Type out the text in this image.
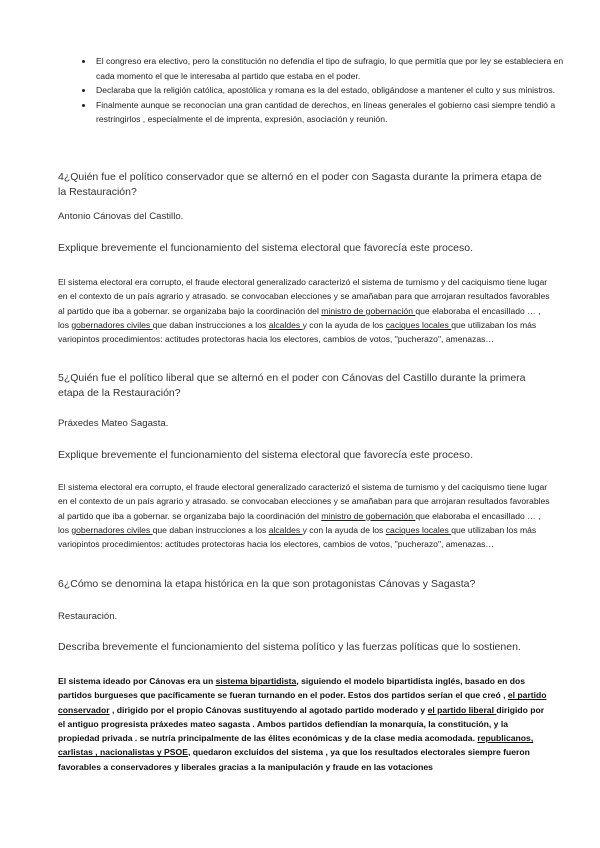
• El congreso era electivo, pero la constitución no defendía el tipo de sufragio, lo que permitía que por ley se estableciera en cada momento el que le interesaba al partido que estaba en el poder.
• Declaraba que la religión católica, apostólica y romana es la del estado, obligándose a mantener el culto y sus ministros.
• Finalmente aunque se reconocían una gran cantidad de derechos, en líneas generales el gobierno casi siempre tendió a restringirlos , especialmente el de imprenta, expresión, asociación y reunión.
4¿Quién fue el político conservador que se alternó en el poder con Sagasta durante la primera etapa de la Restauración?
Antonio Cánovas del Castillo.
Explique brevemente el funcionamiento del sistema electoral que favorecía este proceso.
El sistema electoral era corrupto, el fraude electoral generalizado caracterizó el sistema de turnismo y del caciquismo tiene lugar en el contexto de un país agrario y atrasado. se convocaban elecciones y se amañaban para que arrojaran resultados favorables al partido que iba a gobernar. se organizaba bajo la coordinación del ministro de gobernación que elaboraba el encasillado … , los gobernadores civiles que daban instrucciones a los alcaldes y con la ayuda de los caciques locales que utilizaban los más variopintos procedimientos: actitudes protectoras hacia los electores, cambios de votos, "pucherazo", amenazas…
5¿Quién fue el político liberal que se alternó en el poder con Cánovas del Castillo durante la primera etapa de la Restauración?
Práxedes Mateo Sagasta.
Explique brevemente el funcionamiento del sistema electoral que favorecía este proceso.
El sistema electoral era corrupto, el fraude electoral generalizado caracterizó el sistema de turnismo y del caciquismo tiene lugar en el contexto de un país agrario y atrasado. se convocaban elecciones y se amañaban para que arrojaran resultados favorables al partido que iba a gobernar. se organizaba bajo la coordinación del ministro de gobernación que elaboraba el encasillado … , los gobernadores civiles que daban instrucciones a los alcaldes y con la ayuda de los caciques locales que utilizaban los más variopintos procedimientos: actitudes protectoras hacia los electores, cambios de votos, "pucherazo", amenazas…
6¿Cómo se denomina la etapa histórica en la que son protagonistas Cánovas y Sagasta?
Restauración.
Describa brevemente el funcionamiento del sistema político y las fuerzas políticas que lo sostienen.
El sistema ideado por Cánovas era un sistema bipartidista, siguiendo el modelo bipartidista inglés, basado en dos partidos burgueses que pacíficamente se fueran turnando en el poder. Estos dos partidos serían el que creó , el partido conservador , dirigido por el propio Cánovas sustituyendo al agotado partido moderado y el partido liberal dirigido por el antiguo progresista práxedes mateo sagasta . Ambos partidos defiendían la monarquía, la constitución, y la propiedad privada . se nutría principalmente de las élites económicas y de la clase media acomodada. republicanos, carlistas , nacionalistas y PSOE, quedaron excluidos del sistema , ya que los resultados electorales siempre fueron favorables a conservadores y liberales gracias a la manipulación y fraude en las votaciones
